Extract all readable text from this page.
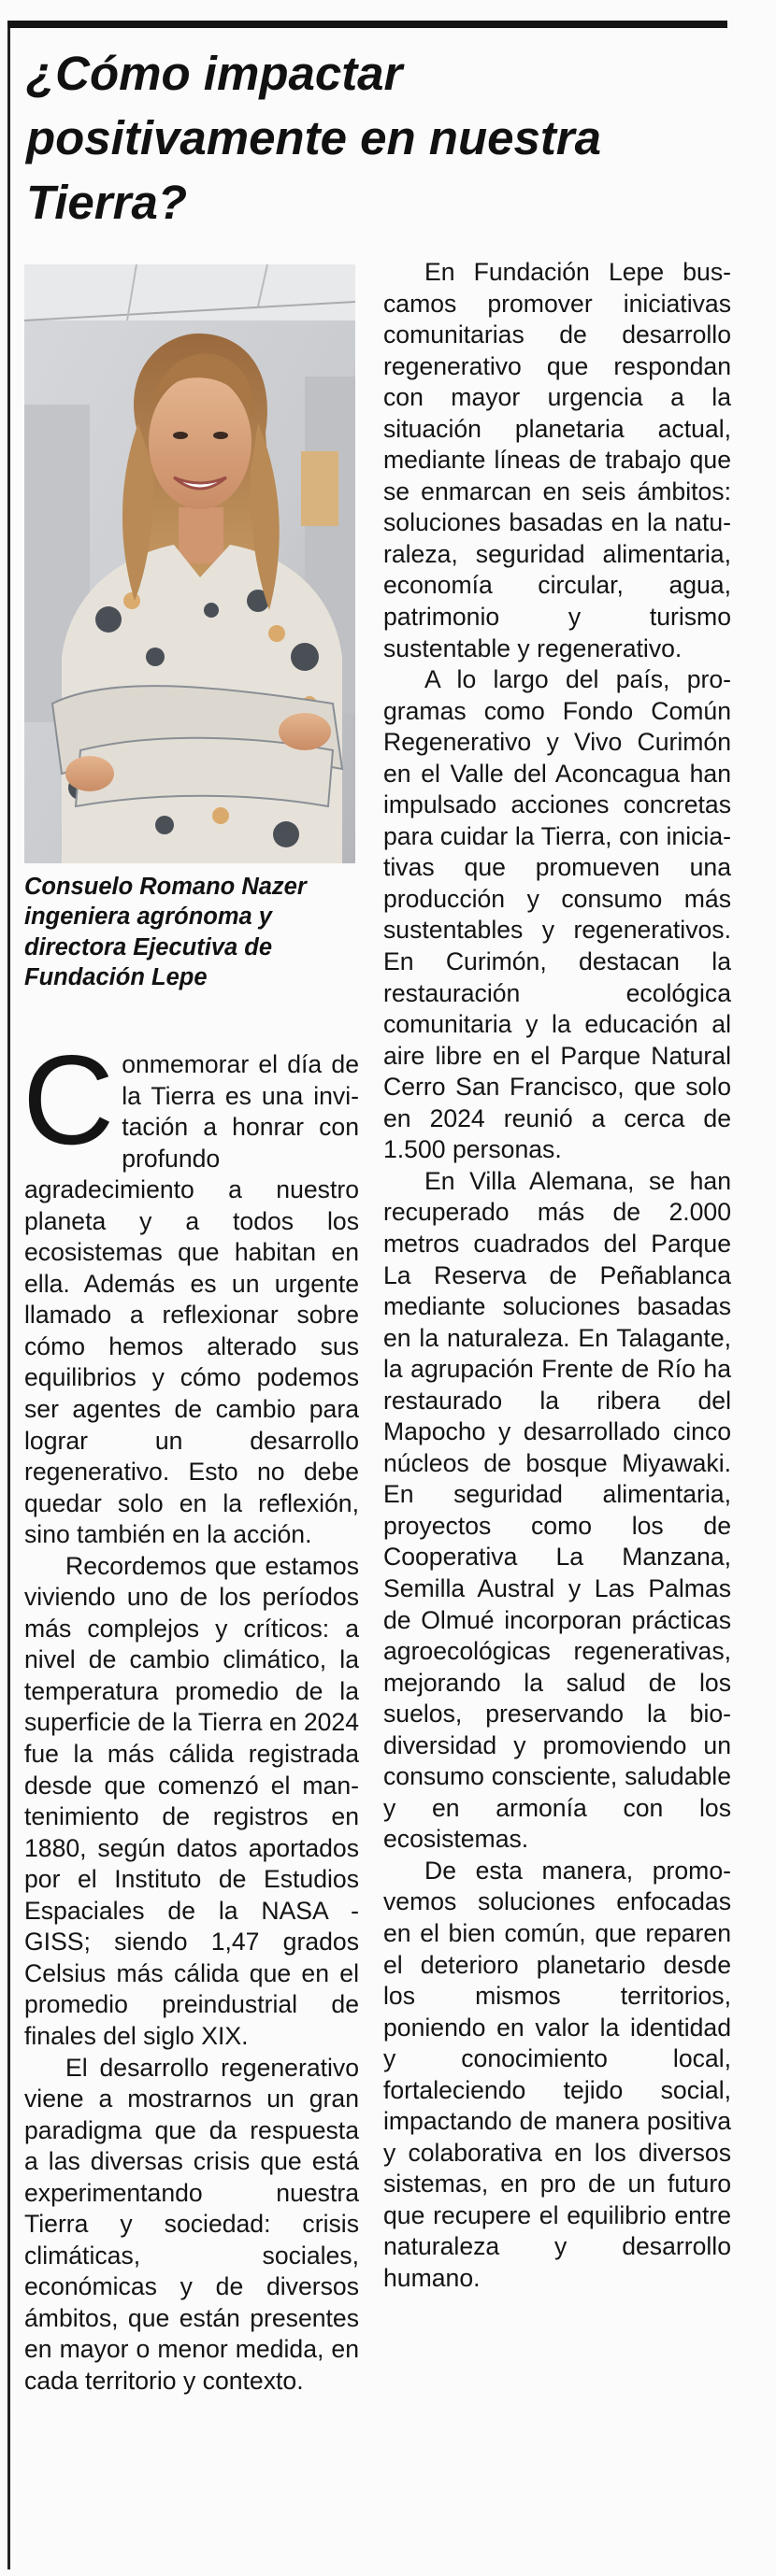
¿Cómo impactar positivamente en nuestra Tierra?
Consuelo Romano Nazer
ingeniera agrónoma y
directora Ejecutiva de
Fundación Lepe

Conmemorar el día de la Tierra es una invitación a honrar con profundo agradecimiento a nuestro planeta y a todos los ecosistemas que habitan en ella. Además es un urgente llamado a reflexionar sobre cómo hemos alterado sus equilibrios y cómo podemos ser agentes de cambio para lograr un desarrollo regenerativo. Esto no debe quedar solo en la reflexión, sino también en la acción.

Recordemos que estamos viviendo uno de los períodos más complejos y críticos: a nivel de cambio climático, la temperatura promedio de la superficie de la Tierra en 2024 fue la más cálida registrada desde que comenzó el mantenimiento de registros en 1880, según datos aportados por el Instituto de Estudios Espaciales de la NASA - GISS; siendo 1,47 grados Celsius más cálida que en el promedio preindustrial de finales del siglo XIX.

El desarrollo regenerativo viene a mostrarnos un gran paradigma que da respuesta a las diversas crisis que está experimentando nuestra Tierra y sociedad: crisis climáticas, sociales, económicas y de diversos ámbitos, que están presentes en mayor o menor medida, en cada territorio y contexto.

En Fundación Lepe buscamos promover iniciativas comunitarias de desarrollo regenerativo que respondan con mayor urgencia a la situación planetaria actual, mediante líneas de trabajo que se enmarcan en seis ámbitos: soluciones basadas en la naturaleza, seguridad alimentaria, economía circular, agua, patrimonio y turismo sustentable y regenerativo.

A lo largo del país, programas como Fondo Común Regenerativo y Vivo Curimón en el Valle del Aconcagua han impulsado acciones concretas para cuidar la Tierra, con iniciativas que promueven una producción y consumo más sustentables y regenerativos. En Curimón, destacan la restauración ecológica comunitaria y la educación al aire libre en el Parque Natural Cerro San Francisco, que solo en 2024 reunió a cerca de 1.500 personas.

En Villa Alemana, se han recuperado más de 2.000 metros cuadrados del Parque La Reserva de Peñablanca mediante soluciones basadas en la naturaleza. En Talagante, la agrupación Frente de Río ha restaurado la ribera del Mapocho y desarrollado cinco núcleos de bosque Miyawaki. En seguridad alimentaria, proyectos como los de Cooperativa La Manzana, Semilla Austral y Las Palmas de Olmué incorporan prácticas agroecológicas regenerativas, mejorando la salud de los suelos, preservando la biodiversidad y promoviendo un consumo consciente, saludable y en armonía con los ecosistemas.

De esta manera, promovemos soluciones enfocadas en el bien común, que reparen el deterioro planetario desde los mismos territorios, poniendo en valor la identidad y conocimiento local, fortaleciendo tejido social, impactando de manera positiva y colaborativa en los diversos sistemas, en pro de un futuro que recupere el equilibrio entre naturaleza y desarrollo humano.
